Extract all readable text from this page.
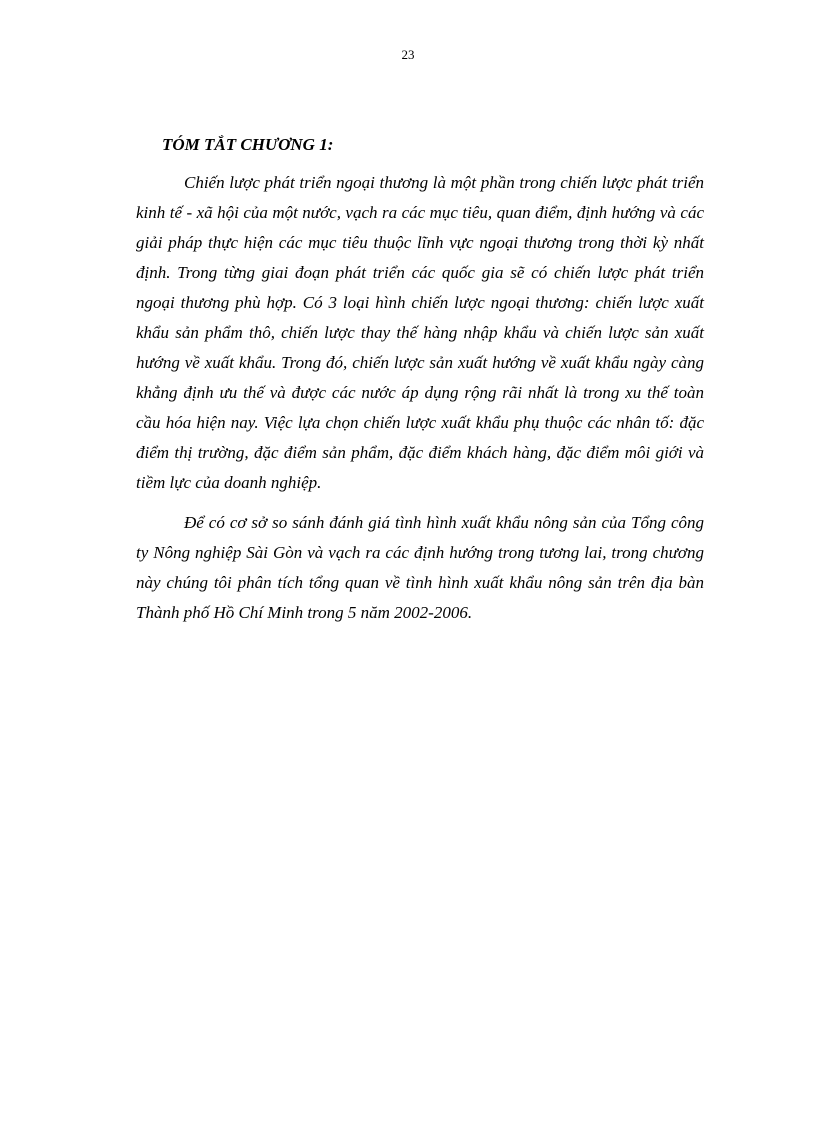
23

TÓM TẮT CHƯƠNG 1:

Chiến lược phát triển ngoại thương là một phần trong chiến lược phát triển kinh tế - xã hội của một nước, vạch ra các mục tiêu, quan điểm, định hướng và các giải pháp thực hiện các mục tiêu thuộc lĩnh vực ngoại thương trong thời kỳ nhất định. Trong từng giai đoạn phát triển các quốc gia sẽ có chiến lược phát triển ngoại thương phù hợp. Có 3 loại hình chiến lược ngoại thương: chiến lược xuất khẩu sản phẩm thô, chiến lược thay thế hàng nhập khẩu và chiến lược sản xuất hướng về xuất khẩu. Trong đó, chiến lược sản xuất hướng về xuất khẩu ngày càng khẳng định ưu thế và được các nước áp dụng rộng rãi nhất là trong xu thế toàn cầu hóa hiện nay. Việc lựa chọn chiến lược xuất khẩu phụ thuộc các nhân tố: đặc điểm thị trường, đặc điểm sản phẩm, đặc điểm khách hàng, đặc điểm môi giới và tiềm lực của doanh nghiệp.

Để có cơ sở so sánh đánh giá tình hình xuất khẩu nông sản của Tổng công ty Nông nghiệp Sài Gòn và vạch ra các định hướng trong tương lai, trong chương này chúng tôi phân tích tổng quan về tình hình xuất khẩu nông sản trên địa bàn Thành phố Hồ Chí Minh trong 5 năm 2002-2006.
